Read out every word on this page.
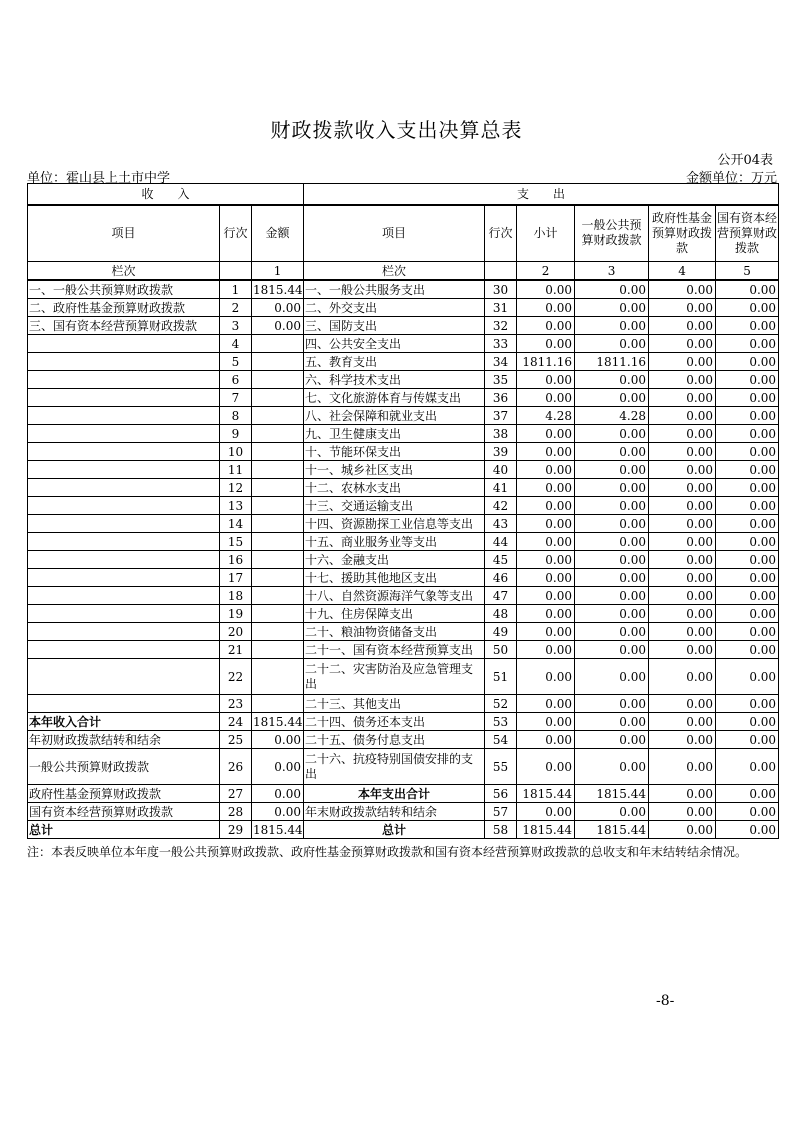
财政拨款收入支出决算总表
公开04表
单位：霍山县上土市中学	金额单位：万元
收　　入			支　　出					
项目	行次	金额	项目	行次	小计	一般公共预算财政拨款	政府性基金预算财政拨款	国有资本经营预算财政拨款
栏次		1	栏次		2	3	4	5
一、一般公共预算财政拨款	1	1815.44	一、一般公共服务支出	30	0.00	0.00	0.00	0.00
二、政府性基金预算财政拨款	2	0.00	二、外交支出	31	0.00	0.00	0.00	0.00
三、国有资本经营预算财政拨款	3	0.00	三、国防支出	32	0.00	0.00	0.00	0.00
	4		四、公共安全支出	33	0.00	0.00	0.00	0.00
	5		五、教育支出	34	1811.16	1811.16	0.00	0.00
	6		六、科学技术支出	35	0.00	0.00	0.00	0.00
	7		七、文化旅游体育与传媒支出	36	0.00	0.00	0.00	0.00
	8		八、社会保障和就业支出	37	4.28	4.28	0.00	0.00
	9		九、卫生健康支出	38	0.00	0.00	0.00	0.00
	10		十、节能环保支出	39	0.00	0.00	0.00	0.00
	11		十一、城乡社区支出	40	0.00	0.00	0.00	0.00
	12		十二、农林水支出	41	0.00	0.00	0.00	0.00
	13		十三、交通运输支出	42	0.00	0.00	0.00	0.00
	14		十四、资源勘探工业信息等支出	43	0.00	0.00	0.00	0.00
	15		十五、商业服务业等支出	44	0.00	0.00	0.00	0.00
	16		十六、金融支出	45	0.00	0.00	0.00	0.00
	17		十七、援助其他地区支出	46	0.00	0.00	0.00	0.00
	18		十八、自然资源海洋气象等支出	47	0.00	0.00	0.00	0.00
	19		十九、住房保障支出	48	0.00	0.00	0.00	0.00
	20		二十、粮油物资储备支出	49	0.00	0.00	0.00	0.00
	21		二十一、国有资本经营预算支出	50	0.00	0.00	0.00	0.00
	22		二十二、灾害防治及应急管理支出	51	0.00	0.00	0.00	0.00
	23		二十三、其他支出	52	0.00	0.00	0.00	0.00
本年收入合计	24	1815.44	二十四、债务还本支出	53	0.00	0.00	0.00	0.00
年初财政拨款结转和结余	25	0.00	二十五、债务付息支出	54	0.00	0.00	0.00	0.00
一般公共预算财政拨款	26	0.00	二十六、抗疫特别国债安排的支出	55	0.00	0.00	0.00	0.00
政府性基金预算财政拨款	27	0.00	本年支出合计	56	1815.44	1815.44	0.00	0.00
国有资本经营预算财政拨款	28	0.00	年末财政拨款结转和结余	57	0.00	0.00	0.00	0.00
总计	29	1815.44	总计	58	1815.44	1815.44	0.00	0.00
注：本表反映单位本年度一般公共预算财政拨款、政府性基金预算财政拨款和国有资本经营预算财政拨款的总收支和年末结转结余情况。
-8-
